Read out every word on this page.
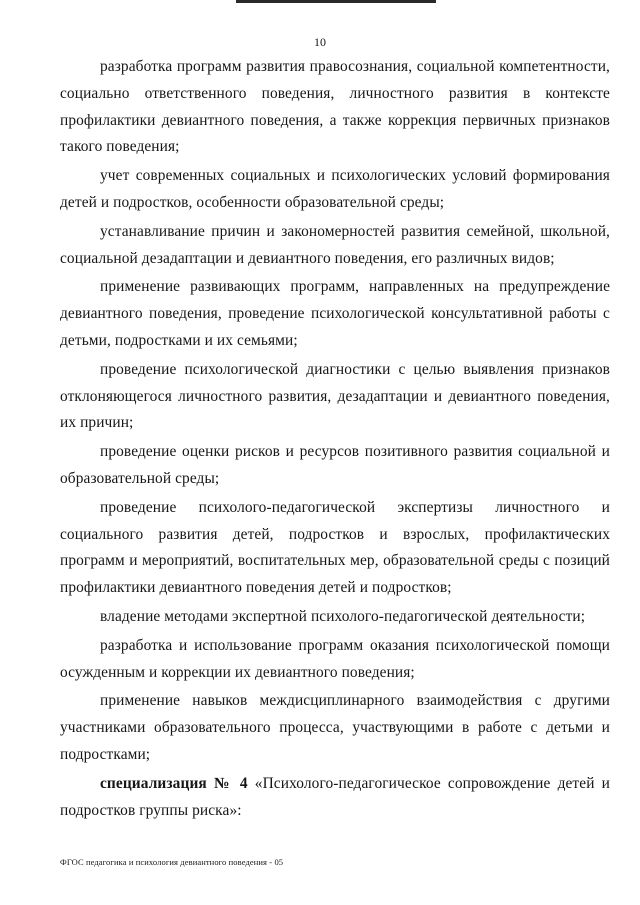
10

разработка программ развития правосознания, социальной компетентности, социально ответственного поведения, личностного развития в контексте профилактики девиантного поведения, а также коррекция первичных признаков такого поведения;

учет современных социальных и психологических условий формирования детей и подростков, особенности образовательной среды;

устанавливание причин и закономерностей развития семейной, школьной, социальной дезадаптации и девиантного поведения, его различных видов;

применение развивающих программ, направленных на предупреждение девиантного поведения, проведение психологической консультативной работы с детьми, подростками и их семьями;

проведение психологической диагностики с целью выявления признаков отклоняющегося личностного развития, дезадаптации и девиантного поведения, их причин;

проведение оценки рисков и ресурсов позитивного развития социальной и образовательной среды;

проведение психолого-педагогической экспертизы личностного и социального развития детей, подростков и взрослых, профилактических программ и мероприятий, воспитательных мер, образовательной среды с позиций профилактики девиантного поведения детей и подростков;

владение методами экспертной психолого-педагогической деятельности;

разработка и использование программ оказания психологической помощи осужденным и коррекции их девиантного поведения;

применение навыков междисциплинарного взаимодействия с другими участниками образовательного процесса, участвующими в работе с детьми и подростками;

специализация № 4 «Психолого-педагогическое сопровождение детей и подростков группы риска»:

ФГОС педагогика и психология девиантного поведения - 05
